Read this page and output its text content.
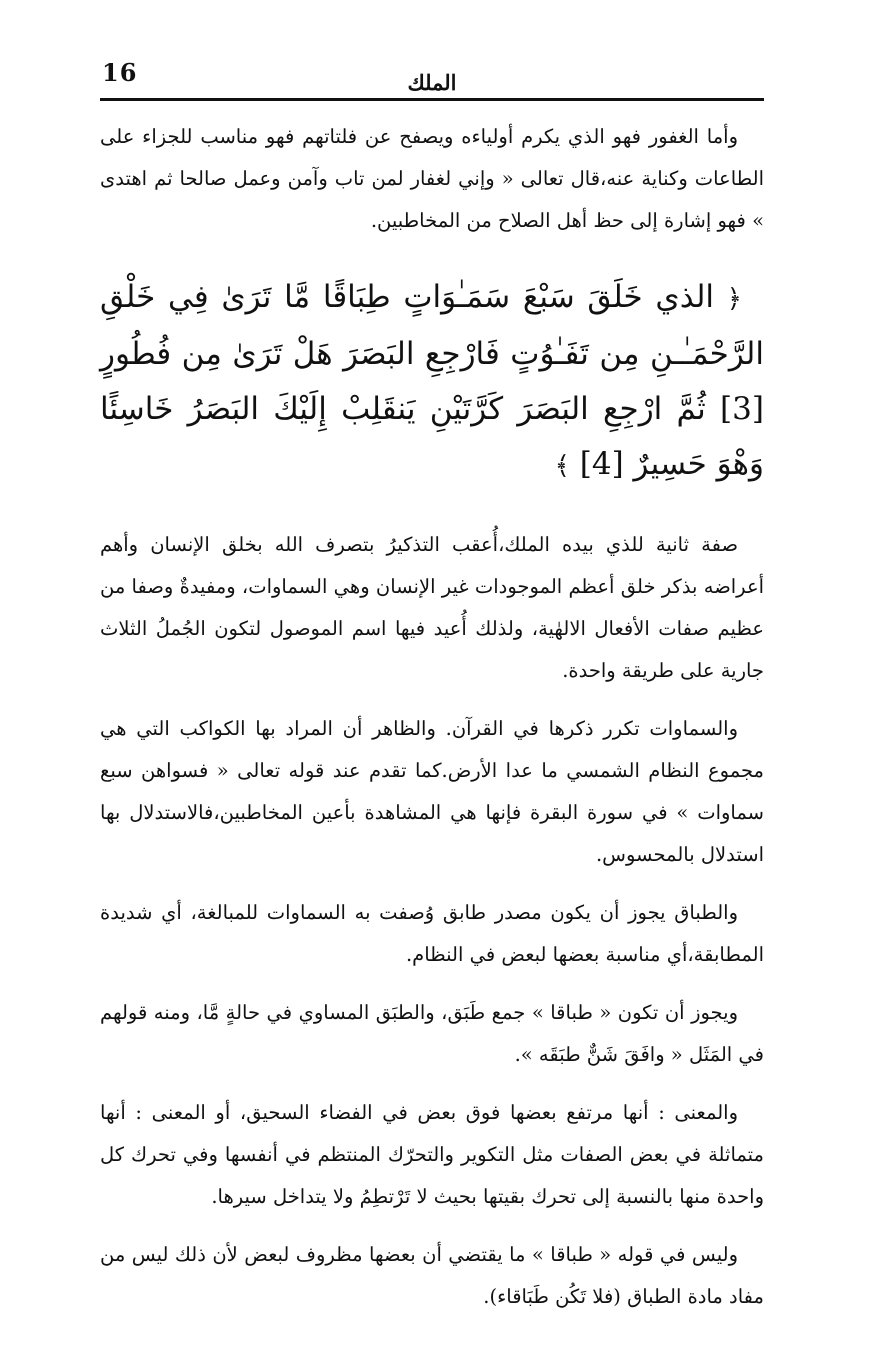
16	الملك

وأما الغفور فهو الذي يكرم أولياءه ويصفح عن فلتاتهم فهو مناسب للجزاء على الطاعات وكناية عنه،قال تعالى « وإني لغفار لمن تاب وآمن وعمل صالحا ثم اهتدى » فهو إشارة إلى حظ أهل الصلاح من المخاطبين.

﴿ الذي خَلَقَ سَبْعَ سَمَـٰوَاتٍ طِبَاقًا مَّا تَرَىٰ فِي خَلْقِ الرَّحْمَـٰـنِ مِن تَفَـٰوُتٍ فَارْجِعِ البَصَرَ هَلْ تَرَىٰ مِن فُطُورٍ [3] ثُمَّ ارْجِعِ البَصَرَ كَرَّتَيْنِ يَنقَلِبْ إِلَيْكَ البَصَرُ خَاسِئًا وَهْوَ حَسِيرٌ [4] ﴾

صفة ثانية للذي بيده الملك،أُعقب التذكيرُ بتصرف الله بخلق الإنسان وأهم أعراضه بذكر خلق أعظم الموجودات غير الإنسان وهي السماوات، ومفيدةٌ وصفا من عظيم صفات الأفعال الالهٰية، ولذلك أُعيد فيها اسم الموصول لتكون الجُملُ الثلاث جارية على طريقة واحدة.

والسماوات تكرر ذكرها في القرآن. والظاهر أن المراد بها الكواكب التي هي مجموع النظام الشمسي ما عدا الأرض.كما تقدم عند قوله تعالى « فسواهن سبع سماوات » في سورة البقرة فإنها هي المشاهدة بأعين المخاطبين،فالاستدلال بها استدلال بالمحسوس.

والطباق يجوز أن يكون مصدر طابق وُصفت به السماوات للمبالغة، أي شديدة المطابقة،أي مناسبة بعضها لبعض في النظام.

ويجوز أن تكون « طباقا » جمع طَبَق، والطبَق المساوي في حالةٍ مَّا، ومنه قولهم في المَثَل « وافَقَ شَنٌّ طبَقَه ».

والمعنى : أنها مرتفع بعضها فوق بعض في الفضاء السحيق، أو المعنى : أنها متماثلة في بعض الصفات مثل التكوير والتحرّك المنتظم في أنفسها وفي تحرك كل واحدة منها بالنسبة إلى تحرك بقيتها بحيث لا تَرْتطِمُ ولا يتداخل سيرها.

وليس في قوله « طباقا » ما يقتضي أن بعضها مظروف لبعض لأن ذلك ليس من مفاد مادة الطباق (فلا تَكُن طَبَاقاء).
